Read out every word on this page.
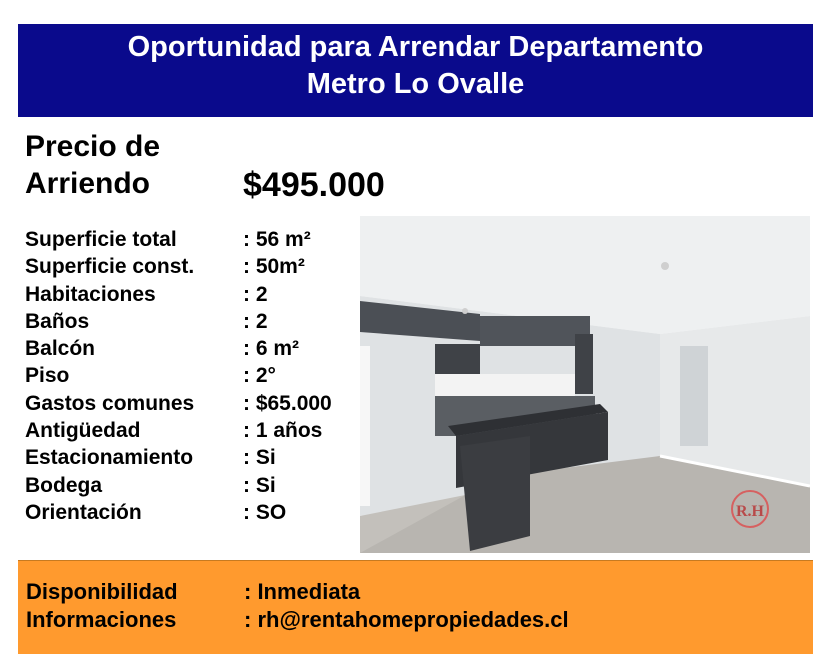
Oportunidad para Arrendar Departamento
Metro Lo Ovalle
Precio de
Arriendo	$495.000
Superficie total	: 56 m²
Superficie const. : 50m²
Habitaciones	: 2
Baños	: 2
Balcón	: 6 m²
Piso	: 2°
Gastos comunes : $65.000
Antigüedad	: 1 años
Estacionamiento : Si
Bodega	: Si
Orientación	: SO	R.H
Disponibilidad	: Inmediata
Informaciones	: rh@rentahomepropiedades.cl
